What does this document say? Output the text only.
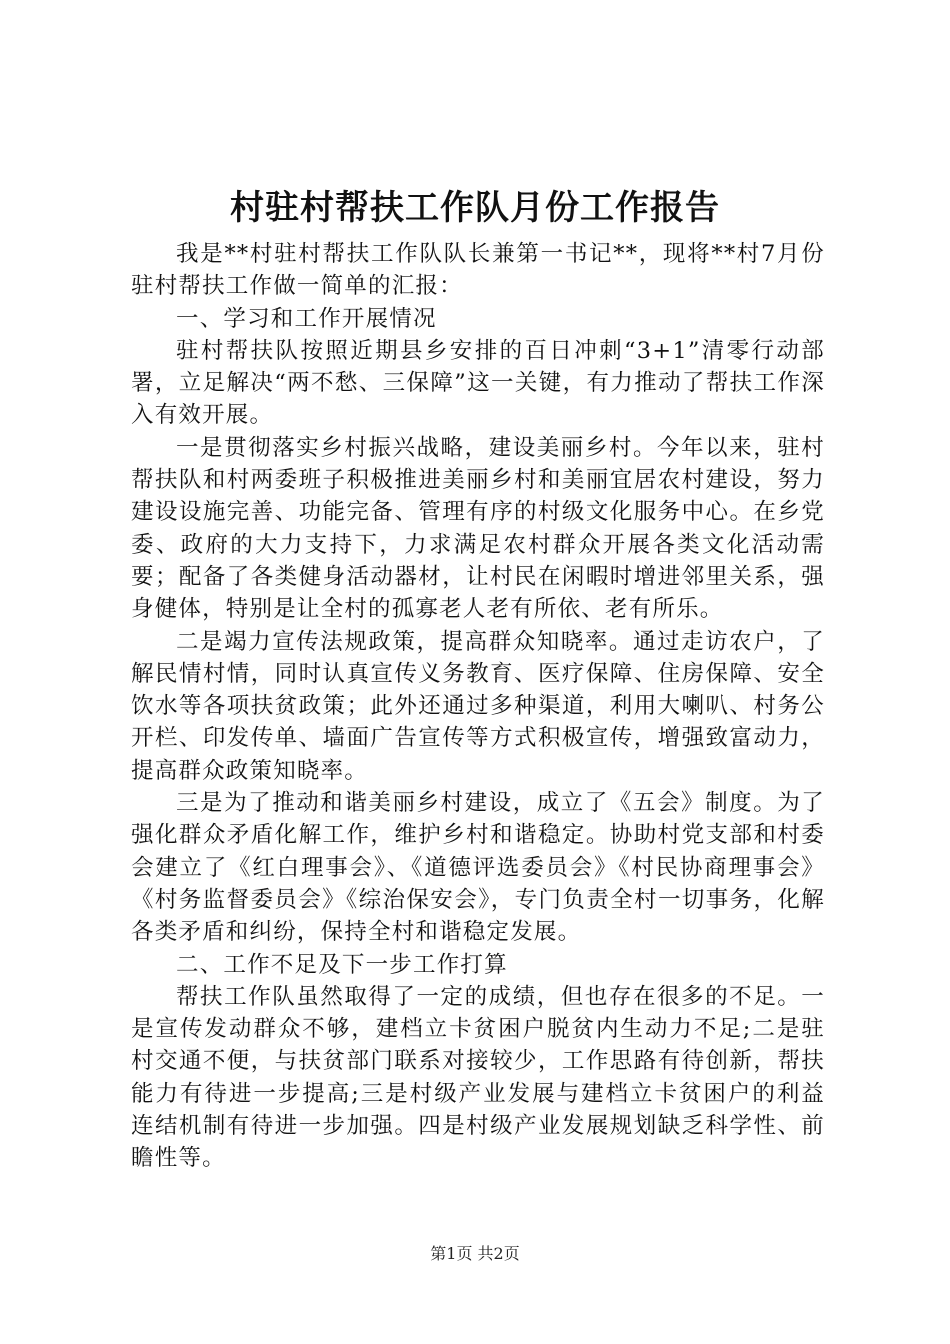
村驻村帮扶工作队月份工作报告

我是**村驻村帮扶工作队队长兼第一书记**，现将**村7月份驻村帮扶工作做一简单的汇报：

一、学习和工作开展情况

驻村帮扶队按照近期县乡安排的百日冲刺“3+1”清零行动部署，立足解决“两不愁、三保障”这一关键，有力推动了帮扶工作深入有效开展。

一是贯彻落实乡村振兴战略，建设美丽乡村。今年以来，驻村帮扶队和村两委班子积极推进美丽乡村和美丽宜居农村建设，努力建设设施完善、功能完备、管理有序的村级文化服务中心。在乡党委、政府的大力支持下，力求满足农村群众开展各类文化活动需要；配备了各类健身活动器材，让村民在闲暇时增进邻里关系，强身健体，特别是让全村的孤寡老人老有所依、老有所乐。

二是竭力宣传法规政策，提高群众知晓率。通过走访农户，了解民情村情，同时认真宣传义务教育、医疗保障、住房保障、安全饮水等各项扶贫政策；此外还通过多种渠道，利用大喇叭、村务公开栏、印发传单、墙面广告宣传等方式积极宣传，增强致富动力，提高群众政策知晓率。

三是为了推动和谐美丽乡村建设，成立了《五会》制度。为了强化群众矛盾化解工作，维护乡村和谐稳定。协助村党支部和村委会建立了《红白理事会》、《道德评选委员会》《村民协商理事会》《村务监督委员会》《综治保安会》，专门负责全村一切事务，化解各类矛盾和纠纷，保持全村和谐稳定发展。

二、工作不足及下一步工作打算

帮扶工作队虽然取得了一定的成绩，但也存在很多的不足。一是宣传发动群众不够，建档立卡贫困户脱贫内生动力不足;二是驻村交通不便，与扶贫部门联系对接较少，工作思路有待创新，帮扶能力有待进一步提高;三是村级产业发展与建档立卡贫困户的利益连结机制有待进一步加强。四是村级产业发展规划缺乏科学性、前瞻性等。

第1页 共2页
